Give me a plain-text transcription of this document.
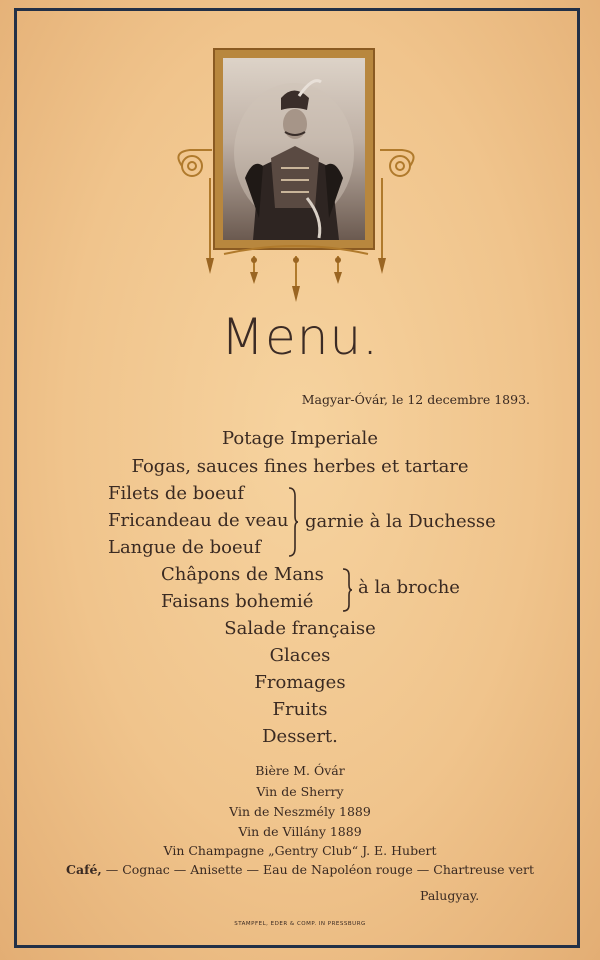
Menu.
Magyar-Óvár, le 12 decembre 1893.
Potage Imperiale
Fogas, sauces fines herbes et tartare
Filets de boeuf
Fricandeau de veau
Langue de boeuf
garnie à la Duchesse
Châpons de Mans
Faisans bohemié
à la broche
Salade française
Glaces
Fromages
Fruits
Dessert.
Bière M. Óvár
Vin de Sherry
Vin de Neszmély 1889
Vin de Villány 1889
Vin Champagne „Gentry Club“ J. E. Hubert
Café, — Cognac — Anisette — Eau de Napoléon rouge — Chartreuse vert
Palugyay.
STAMPFEL, EDER & COMP. IN PRESSBURG
